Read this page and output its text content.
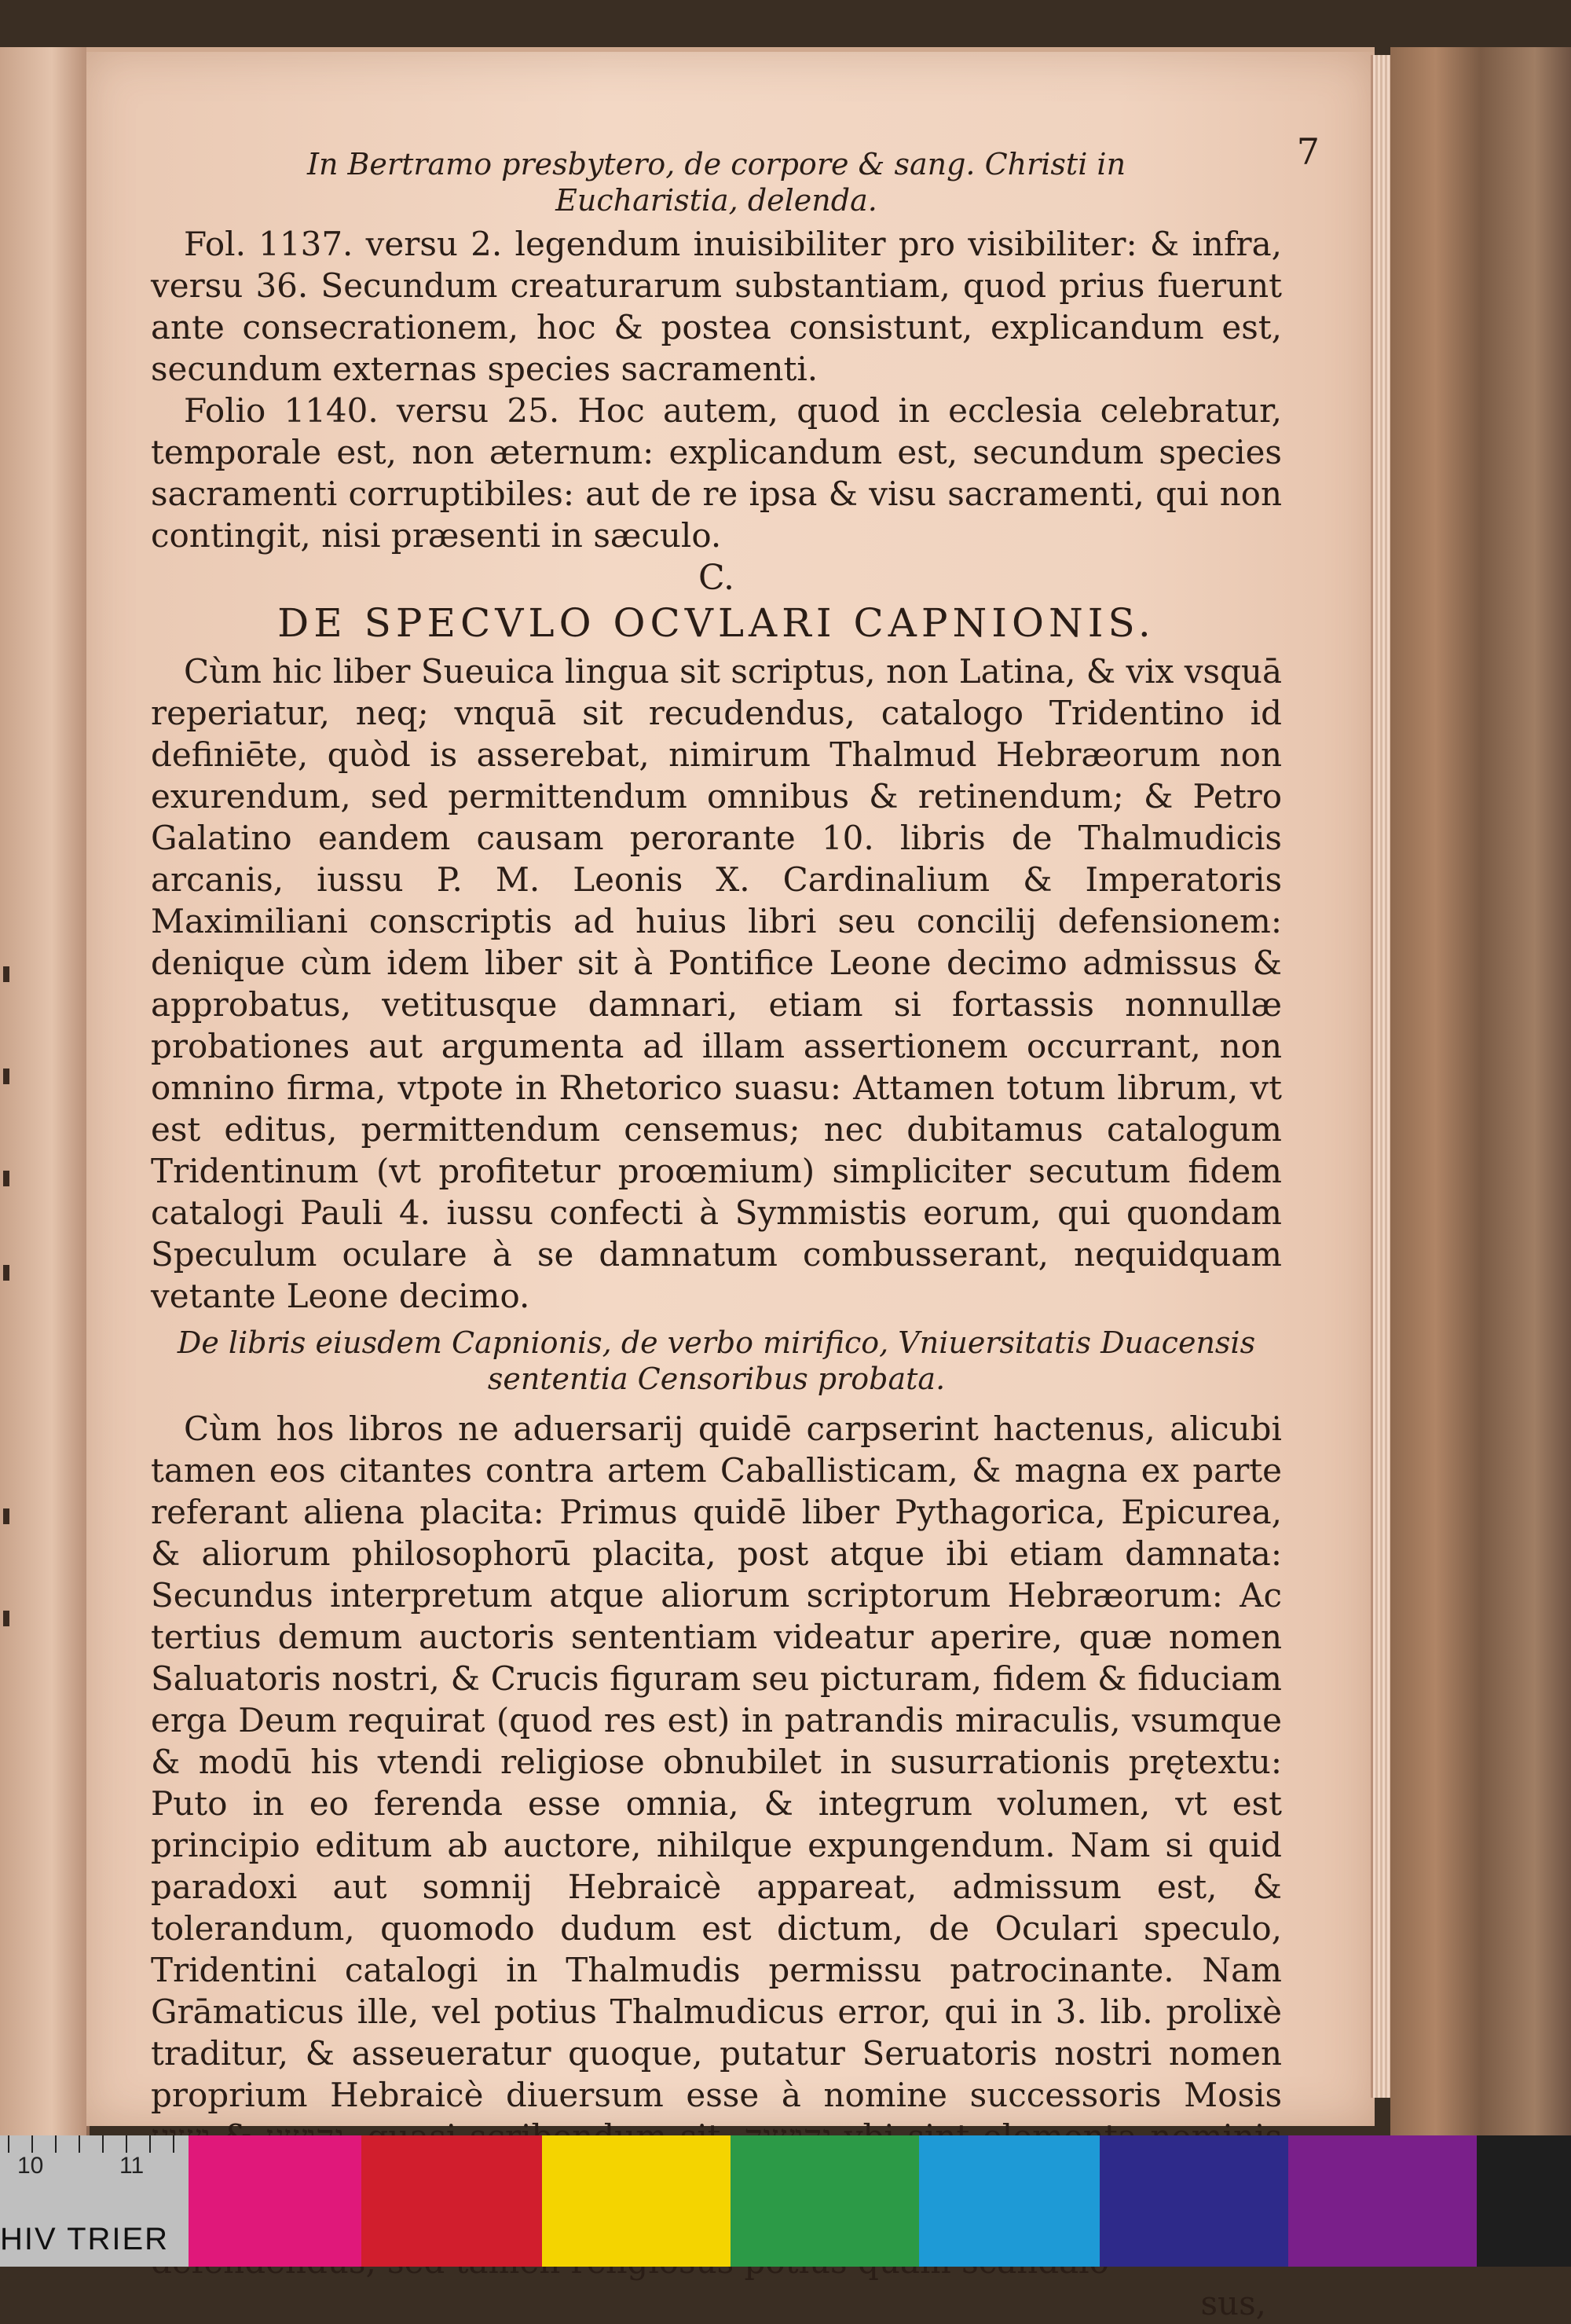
7
In Bertramo presbytero, de corpore & sang. Christi in
Eucharistia, delenda.

Fol. 1137. versu 2. legendum inuisibiliter pro visibiliter: & infra, versu 36. Secundum creaturarum substantiam, quod prius fuerunt ante consecrationem, hoc & postea consistunt, explicandum est, secundum externas species sacramenti.

Folio 1140. versu 25. Hoc autem, quod in ecclesia celebratur, temporale est, non æternum: explicandum est, secundum species sacramenti corruptibiles: aut de re ipsa & visu sacramenti, qui non contingit, nisi præsenti in sæculo.

C.
DE SPECVLO OCVLARI CAPNIONIS.

Cùm hic liber Sueuica lingua sit scriptus, non Latina, & vix vsquā reperiatur, neq; vnquā sit recudendus, catalogo Tridentino id definiēte, quòd is asserebat, nimirum Thalmud Hebræorum non exurendum, sed permittendum omnibus & retinendum; & Petro Galatino eandem causam perorante 10. libris de Thalmudicis arcanis, iussu P. M. Leonis X. Cardinalium & Imperatoris Maximiliani conscriptis ad huius libri seu concilij defensionem: denique cùm idem liber sit à Pontifice Leone decimo admissus & approbatus, vetitusque damnari, etiam si fortassis nonnullæ probationes aut argumenta ad illam assertionem occurrant, non omnino firma, vtpote in Rhetorico suasu: Attamen totum librum, vt est editus, permittendum censemus; nec dubitamus catalogum Tridentinum (vt profitetur proœmium) simpliciter secutum fidem catalogi Pauli 4. iussu confecti à Symmistis eorum, qui quondam Speculum oculare à se damnatum combusserant, nequidquam vetante Leone decimo.

De libris eiusdem Capnionis, de verbo mirifico, Vniuersitatis Duacensis sententia Censoribus probata.

Cùm hos libros ne aduersarij quidē carpserint hactenus, alicubi tamen eos citantes contra artem Caballisticam, & magna ex parte referant aliena placita: Primus quidē liber Pythagorica, Epicurea, & aliorum philosophorū placita, post atque ibi etiam damnata: Secundus interpretum atque aliorum scriptorum Hebræorum: Ac tertius demum auctoris sententiam videatur aperire, quæ nomen Saluatoris nostri, & Crucis figuram seu picturam, fidem & fiduciam erga Deum requirat (quod res est) in patrandis miraculis, vsumque & modū his vtendi religiose obnubilet in susurrationis prętextu: Puto in eo ferenda esse omnia, & integrum volumen, vt est principio editum ab auctore, nihilque expungendum. Nam si quid paradoxi aut somnij Hebraicè appareat, admissum est, & tolerandum, quomodo dudum est dictum, de Oculari speculo, Tridentini catalogi in Thalmudis permissu patrocinante. Nam Grāmaticus ille, vel potius Thalmudicus error, qui in 3. lib. prolixè traditur, & asseueratur quoque, putatur Seruatoris nostri nomen proprium Hebraicè diuersum esse à nomine successoris Mosis

sus,
10	11
HIV TRIER
